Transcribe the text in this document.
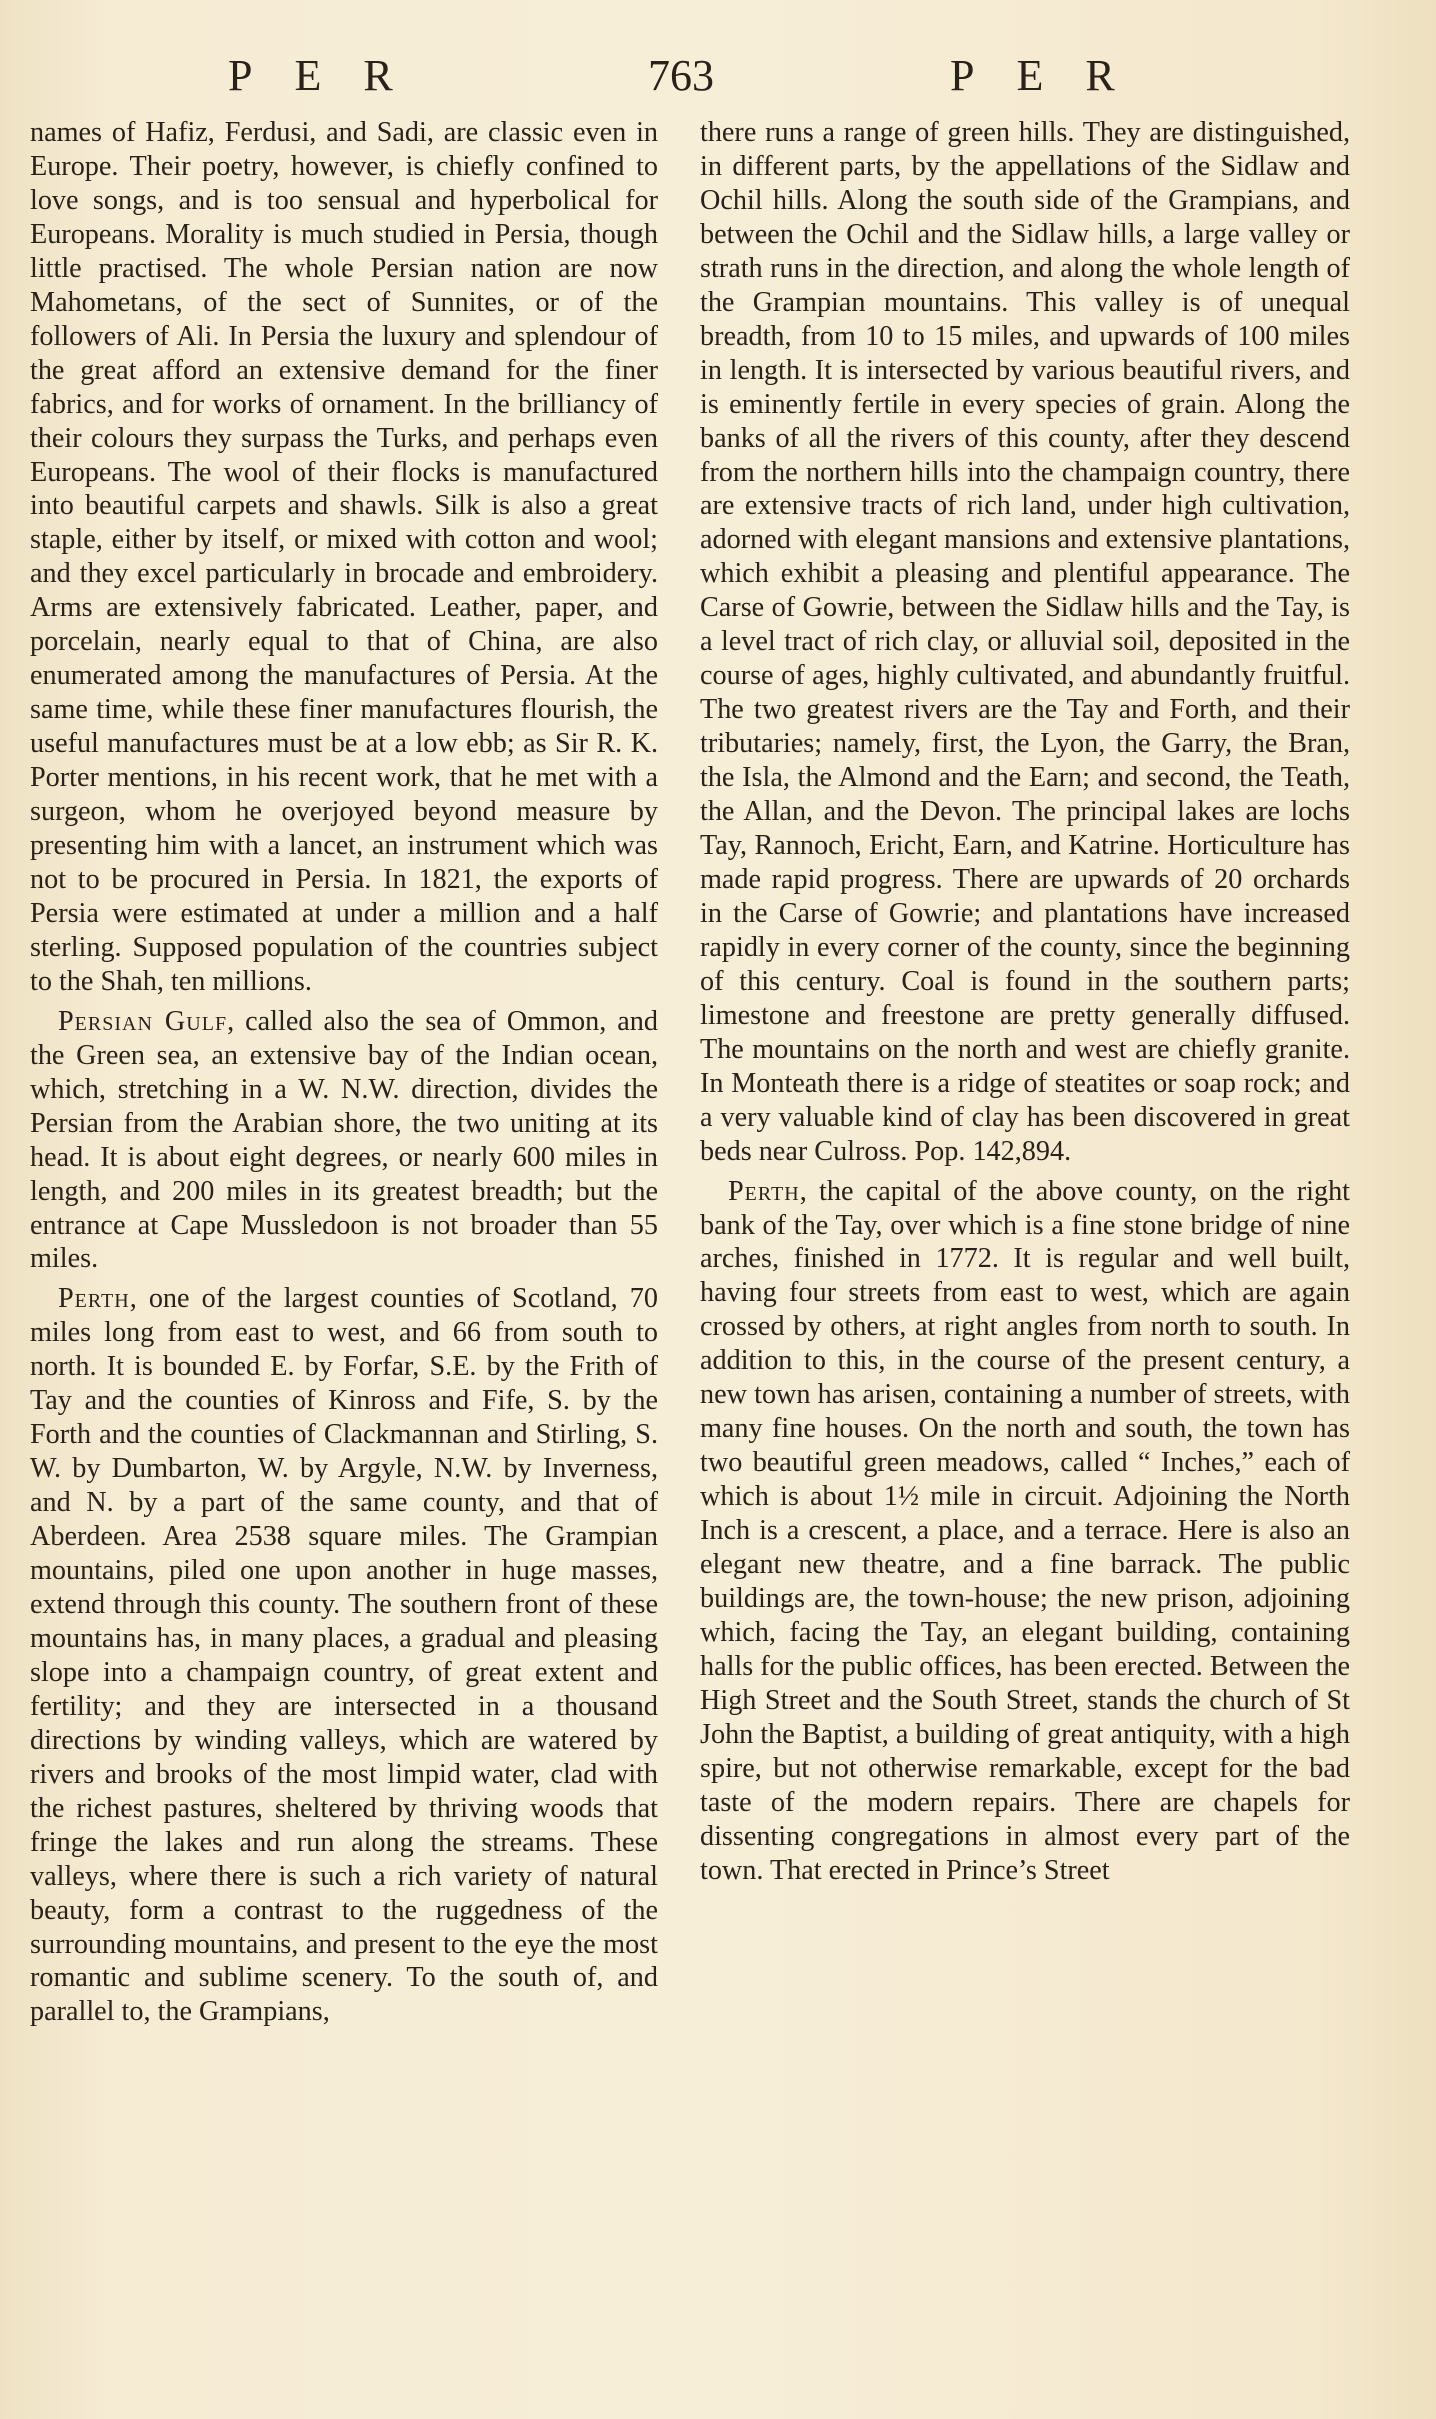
PER	763	PER

names of Hafiz, Ferdusi, and Sadi, are classic even in Europe. Their poetry, however, is chiefly confined to love songs, and is too sensual and hyperbolical for Europeans. Morality is much studied in Persia, though little practised. The whole Persian nation are now Mahometans, of the sect of Sunnites, or of the followers of Ali. In Persia the luxury and splendour of the great afford an extensive demand for the finer fabrics, and for works of ornament. In the brilliancy of their colours they surpass the Turks, and perhaps even Europeans. The wool of their flocks is manufactured into beautiful carpets and shawls. Silk is also a great staple, either by itself, or mixed with cotton and wool; and they excel particularly in brocade and embroidery. Arms are extensively fabricated. Leather, paper, and porcelain, nearly equal to that of China, are also enumerated among the manufactures of Persia. At the same time, while these finer manufactures flourish, the useful manufactures must be at a low ebb; as Sir R. K. Porter mentions, in his recent work, that he met with a surgeon, whom he overjoyed beyond measure by presenting him with a lancet, an instrument which was not to be procured in Persia. In 1821, the exports of Persia were estimated at under a million and a half sterling. Supposed population of the countries subject to the Shah, ten millions.

Persian Gulf, called also the sea of Ommon, and the Green sea, an extensive bay of the Indian ocean, which, stretching in a W. N.W. direction, divides the Persian from the Arabian shore, the two uniting at its head. It is about eight degrees, or nearly 600 miles in length, and 200 miles in its greatest breadth; but the entrance at Cape Mussledoon is not broader than 55 miles.

Perth, one of the largest counties of Scotland, 70 miles long from east to west, and 66 from south to north. It is bounded E. by Forfar, S.E. by the Frith of Tay and the counties of Kinross and Fife, S. by the Forth and the counties of Clackmannan and Stirling, S. W. by Dumbarton, W. by Argyle, N.W. by Inverness, and N. by a part of the same county, and that of Aberdeen. Area 2538 square miles. The Grampian mountains, piled one upon another in huge masses, extend through this county. The southern front of these mountains has, in many places, a gradual and pleasing slope into a champaign country, of great extent and fertility; and they are intersected in a thousand directions by winding valleys, which are watered by rivers and brooks of the most limpid water, clad with the richest pastures, sheltered by thriving woods that fringe the lakes and run along the streams. These valleys, where there is such a rich variety of natural beauty, form a contrast to the ruggedness of the surrounding mountains, and present to the eye the most romantic and sublime scenery. To the south of, and parallel to, the Grampians,

there runs a range of green hills. They are distinguished, in different parts, by the appellations of the Sidlaw and Ochil hills. Along the south side of the Grampians, and between the Ochil and the Sidlaw hills, a large valley or strath runs in the direction, and along the whole length of the Grampian mountains. This valley is of unequal breadth, from 10 to 15 miles, and upwards of 100 miles in length. It is intersected by various beautiful rivers, and is eminently fertile in every species of grain. Along the banks of all the rivers of this county, after they descend from the northern hills into the champaign country, there are extensive tracts of rich land, under high cultivation, adorned with elegant mansions and extensive plantations, which exhibit a pleasing and plentiful appearance. The Carse of Gowrie, between the Sidlaw hills and the Tay, is a level tract of rich clay, or alluvial soil, deposited in the course of ages, highly cultivated, and abundantly fruitful. The two greatest rivers are the Tay and Forth, and their tributaries; namely, first, the Lyon, the Garry, the Bran, the Isla, the Almond and the Earn; and second, the Teath, the Allan, and the Devon. The principal lakes are lochs Tay, Rannoch, Ericht, Earn, and Katrine. Horticulture has made rapid progress. There are upwards of 20 orchards in the Carse of Gowrie; and plantations have increased rapidly in every corner of the county, since the beginning of this century. Coal is found in the southern parts; limestone and freestone are pretty generally diffused. The mountains on the north and west are chiefly granite. In Monteath there is a ridge of steatites or soap rock; and a very valuable kind of clay has been discovered in great beds near Culross. Pop. 142,894.

Perth, the capital of the above county, on the right bank of the Tay, over which is a fine stone bridge of nine arches, finished in 1772. It is regular and well built, having four streets from east to west, which are again crossed by others, at right angles from north to south. In addition to this, in the course of the present century, a new town has arisen, containing a number of streets, with many fine houses. On the north and south, the town has two beautiful green meadows, called “ Inches,” each of which is about 1½ mile in circuit. Adjoining the North Inch is a crescent, a place, and a terrace. Here is also an elegant new theatre, and a fine barrack. The public buildings are, the town-house; the new prison, adjoining which, facing the Tay, an elegant building, containing halls for the public offices, has been erected. Between the High Street and the South Street, stands the church of St John the Baptist, a building of great antiquity, with a high spire, but not otherwise remarkable, except for the bad taste of the modern repairs. There are chapels for dissenting congregations in almost every part of the town. That erected in Prince’s Street
